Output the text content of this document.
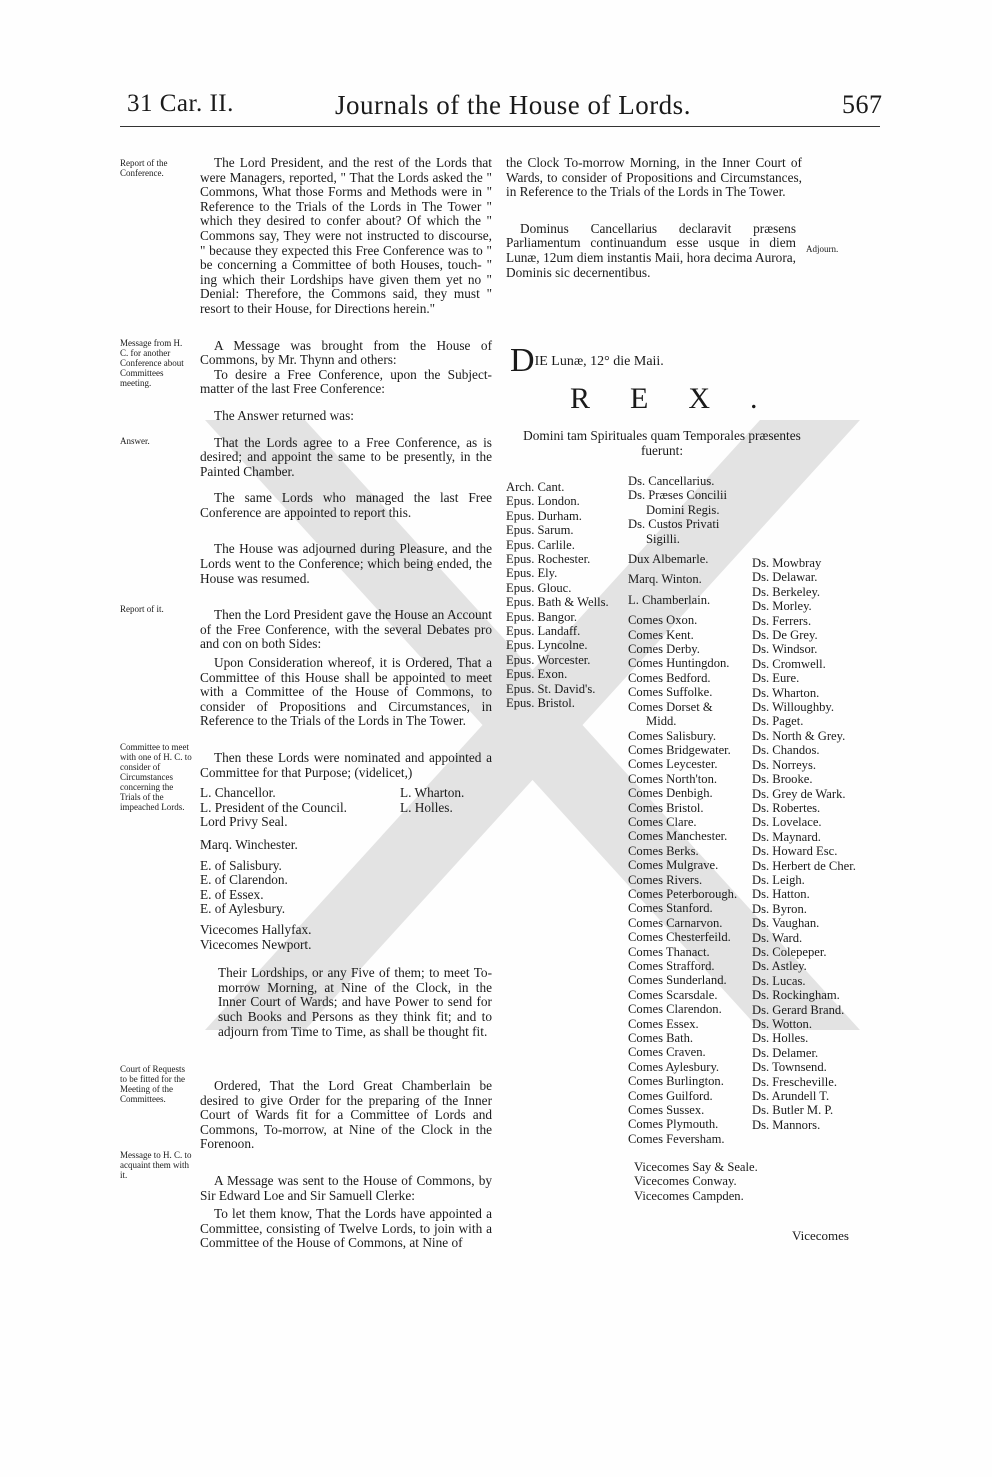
31 Car. II.	Journals of the House of Lords.	567
Report of the Conference.
Message from H. C. for another Conference about Committees meeting.
Answer.
Report of it.
Committee to meet with one of H. C. to consider of Circumstances concerning the Trials of the impeached Lords.
Court of Requests to be fitted for the Meeting of the Committees.
Message to H. C. to acquaint them with it.
Adjourn.

The Lord President, and the rest of the Lords that were Managers, reported, " That the Lords asked the " Commons, What those Forms and Methods were in " Reference to the Trials of the Lords in The Tower " which they desired to confer about? Of which the " Commons say, They were not instructed to discourse, " because they expected this Free Conference was to " be concerning a Committee of both Houses, touch- " ing which their Lordships have given them yet no " Denial: Therefore, the Commons said, they must " resort to their House, for Directions herein."

A Message was brought from the House of Commons, by Mr. Thynn and others:

To desire a Free Conference, upon the Subject-matter of the last Free Conference:

The Answer returned was:

That the Lords agree to a Free Conference, as is desired; and appoint the same to be presently, in the Painted Chamber.

The same Lords who managed the last Free Conference are appointed to report this.

The House was adjourned during Pleasure, and the Lords went to the Conference; which being ended, the House was resumed.

Then the Lord President gave the House an Account of the Free Conference, with the several Debates pro and con on both Sides:

Upon Consideration whereof, it is Ordered, That a Committee of this House shall be appointed to meet with a Committee of the House of Commons, to consider of Propositions and Circumstances, in Reference to the Trials of the Lords in The Tower.

Then these Lords were nominated and appointed a Committee for that Purpose; (videlicet,)

L. Chancellor.	L. Wharton.
L. President of the Council.	L. Holles.
Lord Privy Seal.
Marq. Winchester.
E. of Salisbury.
E. of Clarendon.
E. of Essex.
E. of Aylesbury.
Vicecomes Hallyfax.
Vicecomes Newport.

Their Lordships, or any Five of them; to meet To-morrow Morning, at Nine of the Clock, in the Inner Court of Wards; and have Power to send for such Books and Persons as they think fit; and to adjourn from Time to Time, as shall be thought fit.

Ordered, That the Lord Great Chamberlain be desired to give Order for the preparing of the Inner Court of Wards fit for a Committee of Lords and Commons, To-morrow, at Nine of the Clock in the Forenoon.

A Message was sent to the House of Commons, by Sir Edward Loe and Sir Samuell Clerke:

To let them know, That the Lords have appointed a Committee, consisting of Twelve Lords, to join with a Committee of the House of Commons, at Nine of

the Clock To-morrow Morning, in the Inner Court of Wards, to consider of Propositions and Circumstances, in Reference to the Trials of the Lords in The Tower.

Dominus Cancellarius declaravit præsens Parliamentum continuandum esse usque in diem Lunæ, 12um diem instantis Maii, hora decima Aurora, Dominis sic decernentibus.

DIE Lunæ, 12° die Maii.
REX.
Domini tam Spirituales quam Temporales præsentes fuerunt:
Arch. Cant.
Epus. London.
Epus. Durham.
Epus. Sarum.
Epus. Carlile.
Epus. Rochester.
Epus. Ely.
Epus. Glouc.
Epus. Bath & Wells.
Epus. Bangor.
Epus. Landaff.
Epus. Lyncolne.
Epus. Worcester.
Epus. Exon.
Epus. St. David's.
Epus. Bristol.
Ds. Cancellarius.
Ds. Præses Concilii
Domini Regis.
Ds. Custos Privati
Sigilli.
Dux Albemarle.
Marq. Winton.
L. Chamberlain.
Comes Oxon.
Comes Kent.
Comes Derby.
Comes Huntingdon.
Comes Bedford.
Comes Suffolke.
Comes Dorset &
Midd.
Comes Salisbury.
Comes Bridgewater.
Comes Leycester.
Comes North'ton.
Comes Denbigh.
Comes Bristol.
Comes Clare.
Comes Manchester.
Comes Berks.
Comes Mulgrave.
Comes Rivers.
Comes Peterborough.
Comes Stanford.
Comes Carnarvon.
Comes Chesterfeild.
Comes Thanact.
Comes Strafford.
Comes Sunderland.
Comes Scarsdale.
Comes Clarendon.
Comes Essex.
Comes Bath.
Comes Craven.
Comes Aylesbury.
Comes Burlington.
Comes Guilford.
Comes Sussex.
Comes Plymouth.
Comes Feversham.
Ds. Mowbray
Ds. Delawar.
Ds. Berkeley.
Ds. Morley.
Ds. Ferrers.
Ds. De Grey.
Ds. Windsor.
Ds. Cromwell.
Ds. Eure.
Ds. Wharton.
Ds. Willoughby.
Ds. Paget.
Ds. North & Grey.
Ds. Chandos.
Ds. Norreys.
Ds. Brooke.
Ds. Grey de Wark.
Ds. Robertes.
Ds. Lovelace.
Ds. Maynard.
Ds. Howard Esc.
Ds. Herbert de Cher.
Ds. Leigh.
Ds. Hatton.
Ds. Byron.
Ds. Vaughan.
Ds. Ward.
Ds. Colepeper.
Ds. Astley.
Ds. Lucas.
Ds. Rockingham.
Ds. Gerard Brand.
Ds. Wotton.
Ds. Holles.
Ds. Delamer.
Ds. Townsend.
Ds. Frescheville.
Ds. Arundell T.
Ds. Butler M. P.
Ds. Mannors.
Vicecomes Say & Seale.
Vicecomes Conway.
Vicecomes Campden.
Vicecomes
